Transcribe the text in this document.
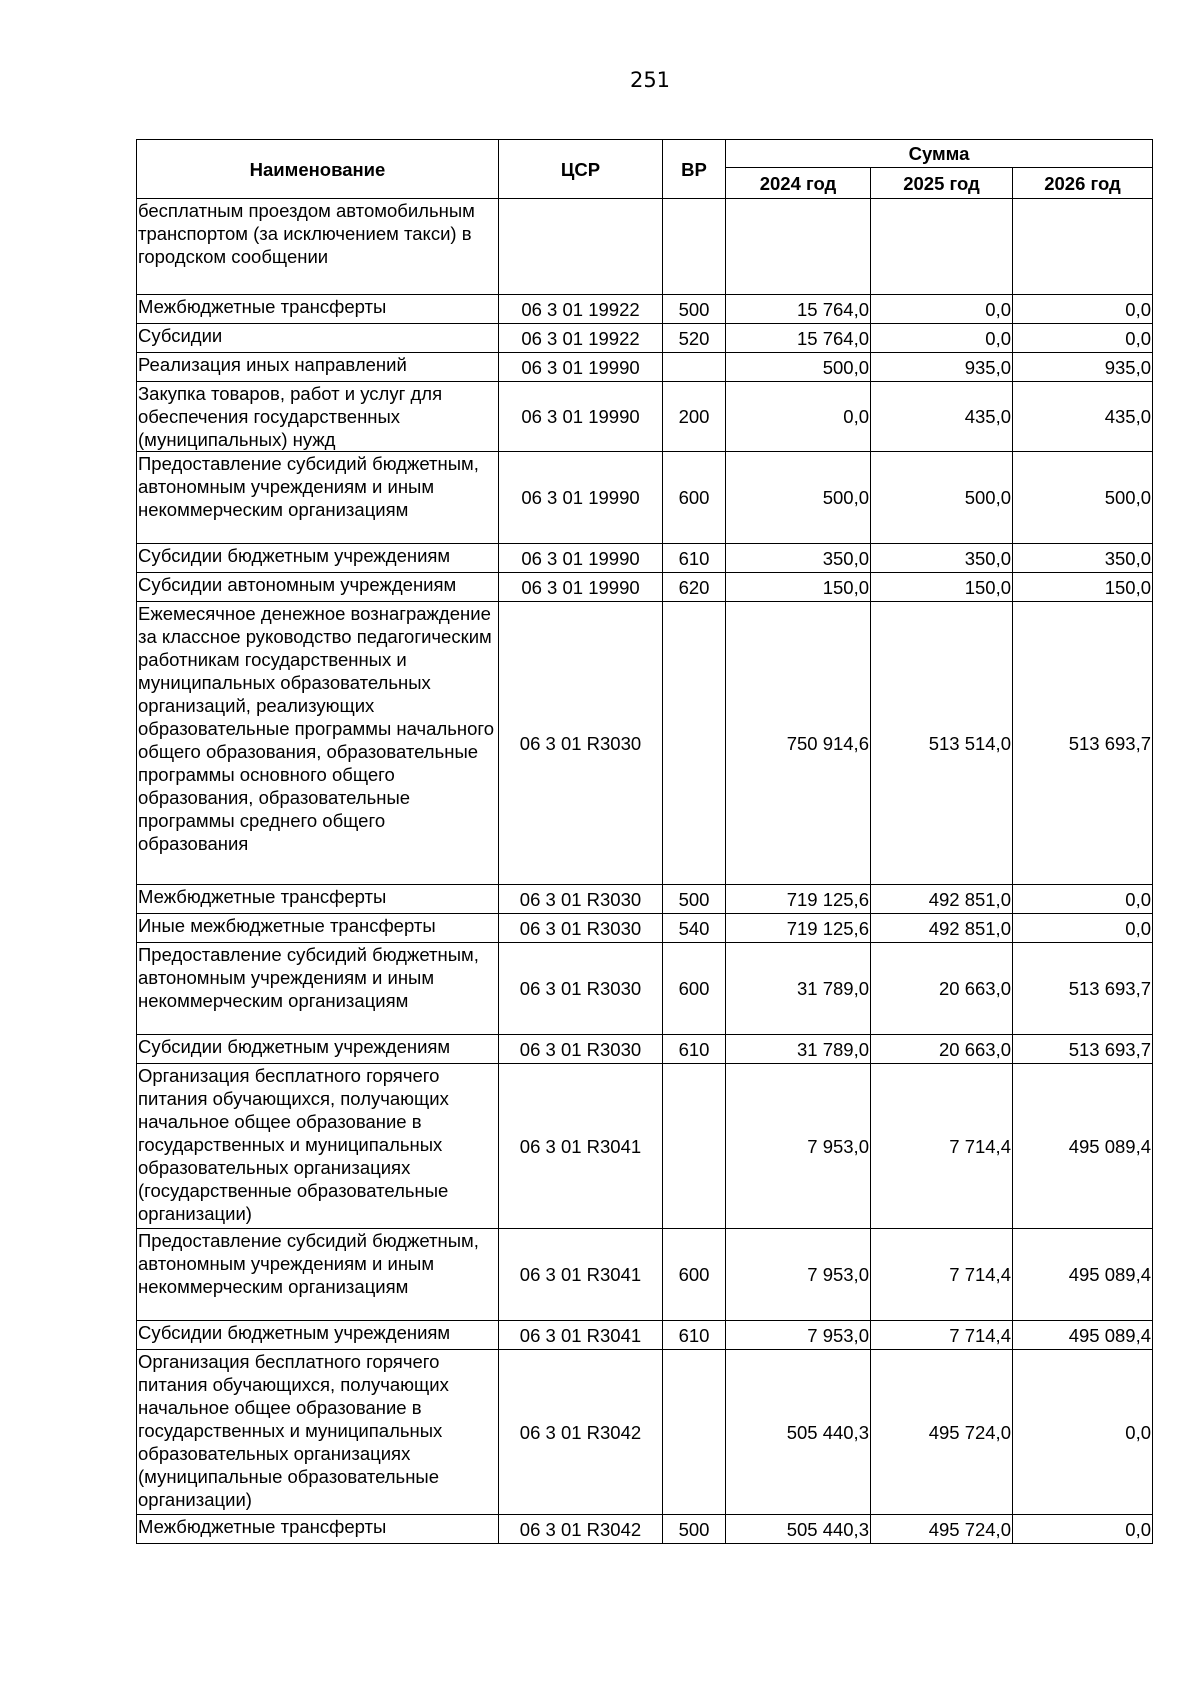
251
Наименование	ЦСР	ВР	Сумма		
			2024 год	2025 год	2026 год
бесплатным проездом автомобильным транспортом (за исключением такси) в городском сообщении					
Межбюджетные трансферты	06 3 01 19922	500	15 764,0	0,0	0,0
Субсидии	06 3 01 19922	520	15 764,0	0,0	0,0
Реализация иных направлений	06 3 01 19990		500,0	935,0	935,0
Закупка товаров, работ и услуг для обеспечения государственных (муниципальных) нужд	06 3 01 19990	200	0,0	435,0	435,0
Предоставление субсидий бюджетным, автономным учреждениям и иным некоммерческим организациям	06 3 01 19990	600	500,0	500,0	500,0
Субсидии бюджетным учреждениям	06 3 01 19990	610	350,0	350,0	350,0
Субсидии автономным учреждениям	06 3 01 19990	620	150,0	150,0	150,0
Ежемесячное денежное вознаграждение за классное руководство педагогическим работникам государственных и муниципальных образовательных организаций, реализующих образовательные программы начального общего образования, образовательные программы основного общего образования, образовательные программы среднего общего образования	06 3 01 R3030		750 914,6	513 514,0	513 693,7
Межбюджетные трансферты	06 3 01 R3030	500	719 125,6	492 851,0	0,0
Иные межбюджетные трансферты	06 3 01 R3030	540	719 125,6	492 851,0	0,0
Предоставление субсидий бюджетным, автономным учреждениям и иным некоммерческим организациям	06 3 01 R3030	600	31 789,0	20 663,0	513 693,7
Субсидии бюджетным учреждениям	06 3 01 R3030	610	31 789,0	20 663,0	513 693,7
Организация бесплатного горячего питания обучающихся, получающих начальное общее образование в государственных и муниципальных образовательных организациях (государственные образовательные организации)	06 3 01 R3041		7 953,0	7 714,4	495 089,4
Предоставление субсидий бюджетным, автономным учреждениям и иным некоммерческим организациям	06 3 01 R3041	600	7 953,0	7 714,4	495 089,4
Субсидии бюджетным учреждениям	06 3 01 R3041	610	7 953,0	7 714,4	495 089,4
Организация бесплатного горячего питания обучающихся, получающих начальное общее образование в государственных и муниципальных образовательных организациях (муниципальные образовательные организации)	06 3 01 R3042		505 440,3	495 724,0	0,0
Межбюджетные трансферты	06 3 01 R3042	500	505 440,3	495 724,0	0,0
